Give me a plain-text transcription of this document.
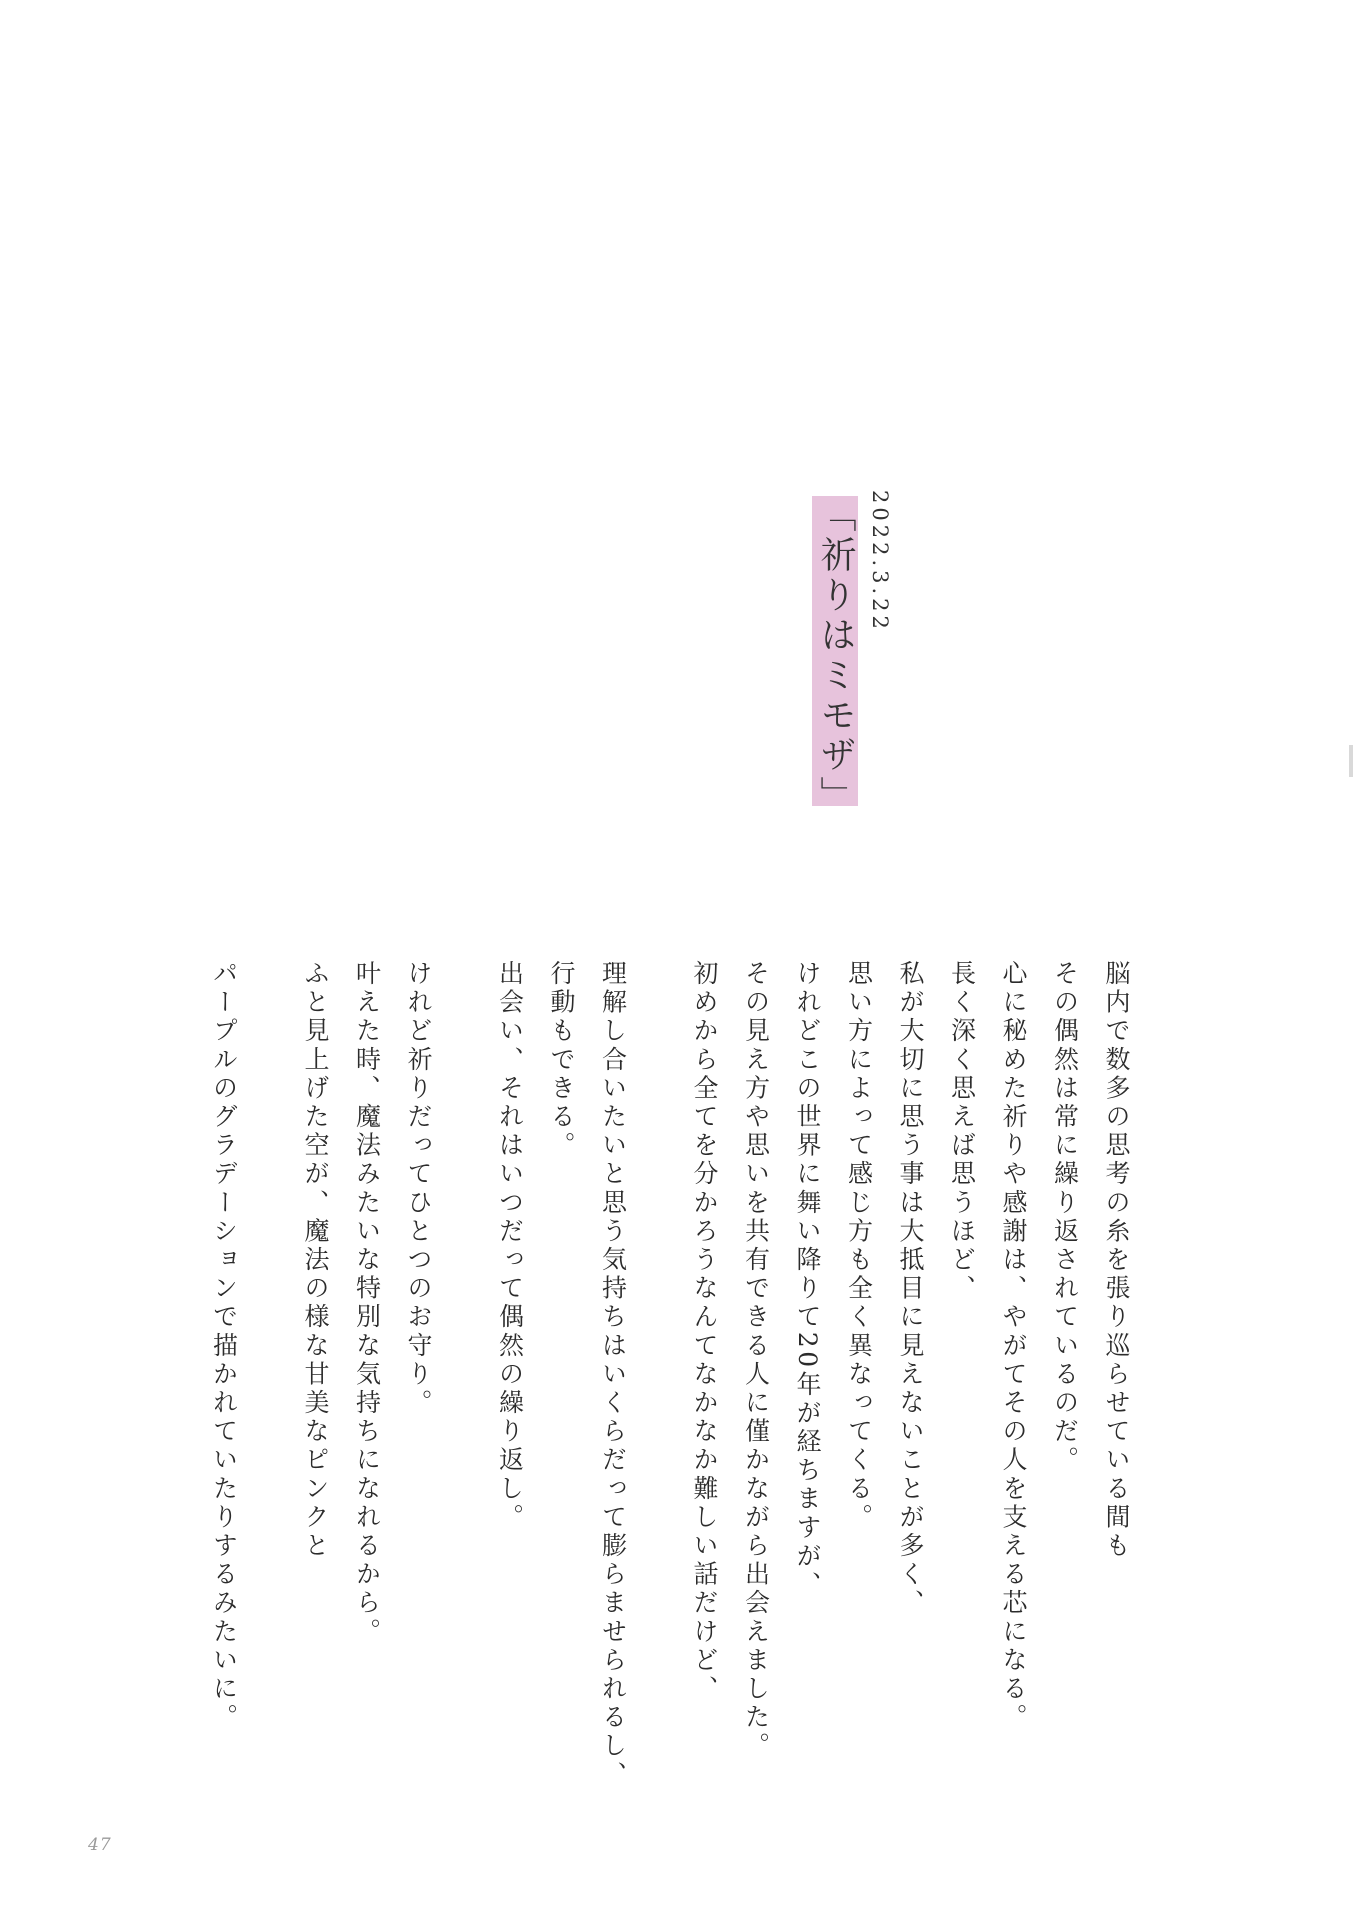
2022.3.22
「祈りはミモザ」

脳内で数多の思考の糸を張り巡らせている間も

その偶然は常に繰り返されているのだ。

心に秘めた祈りや感謝は、やがてその人を支える芯になる。

長く深く思えば思うほど、

私が大切に思う事は大抵目に見えないことが多く、

思い方によって感じ方も全く異なってくる。

けれどこの世界に舞い降りて20年が経ちますが、

その見え方や思いを共有できる人に僅かながら出会えました。

初めから全てを分かろうなんてなかなか難しい話だけど、

理解し合いたいと思う気持ちはいくらだって膨らませられるし、

行動もできる。

出会い、それはいつだって偶然の繰り返し。

けれど祈りだってひとつのお守り。

叶えた時、魔法みたいな特別な気持ちになれるから。

ふと見上げた空が、魔法の様な甘美なピンクと

パープルのグラデーションで描かれていたりするみたいに。

47
